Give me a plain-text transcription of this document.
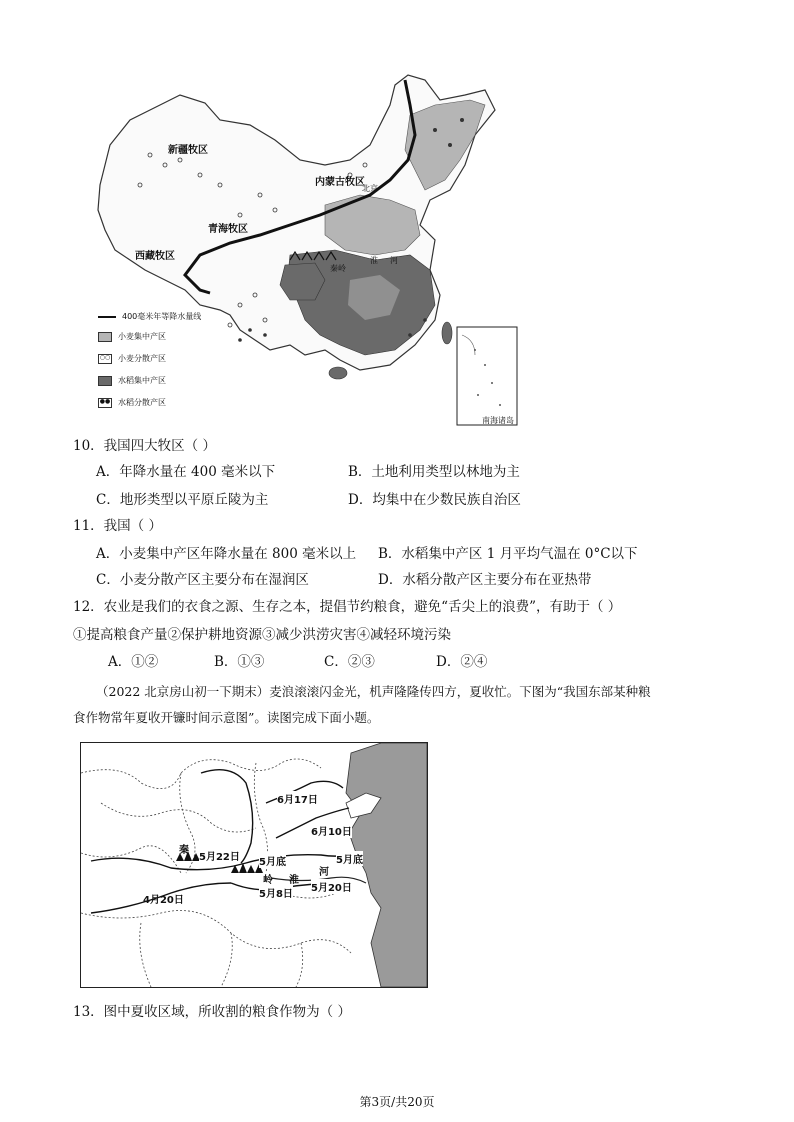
新疆牧区
内蒙古牧区
青海牧区
西藏牧区
北京
秦岭
淮 河
南海诸岛
400毫米年等降水量线
小麦集中产区
○○ 小麦分散产区
水稻集中产区
●● 水稻分散产区
10．我国四大牧区（ ）
A．年降水量在 400 毫米以下	B．土地利用类型以林地为主
C．地形类型以平原丘陵为主	D．均集中在少数民族自治区
11．我国（ ）
A．小麦集中产区年降水量在 800 毫米以上 B．水稻集中产区 1 月平均气温在 0°C以下
C．小麦分散产区主要分布在湿润区	D．水稻分散产区主要分布在亚热带
12．农业是我们的衣食之源、生存之本，提倡节约粮食，避免“舌尖上的浪费”，有助于（ ）
①提高粮食产量②保护耕地资源③减少洪涝灾害④减轻环境污染
A．①②	B．①③	C．②③	D．②④
（2022 北京房山初一下期末）麦浪滚滚闪金光，机声隆隆传四方，夏收忙。下图为“我国东部某种粮
食作物常年夏收开镰时间示意图”。读图完成下面小题。
6月17日
6月10日
5月22日 5月底	5月底
5月8日
5月20日
4月20日
秦
岭 淮
河
13．图中夏收区域，所收割的粮食作物为（ ）
第3页/共20页
